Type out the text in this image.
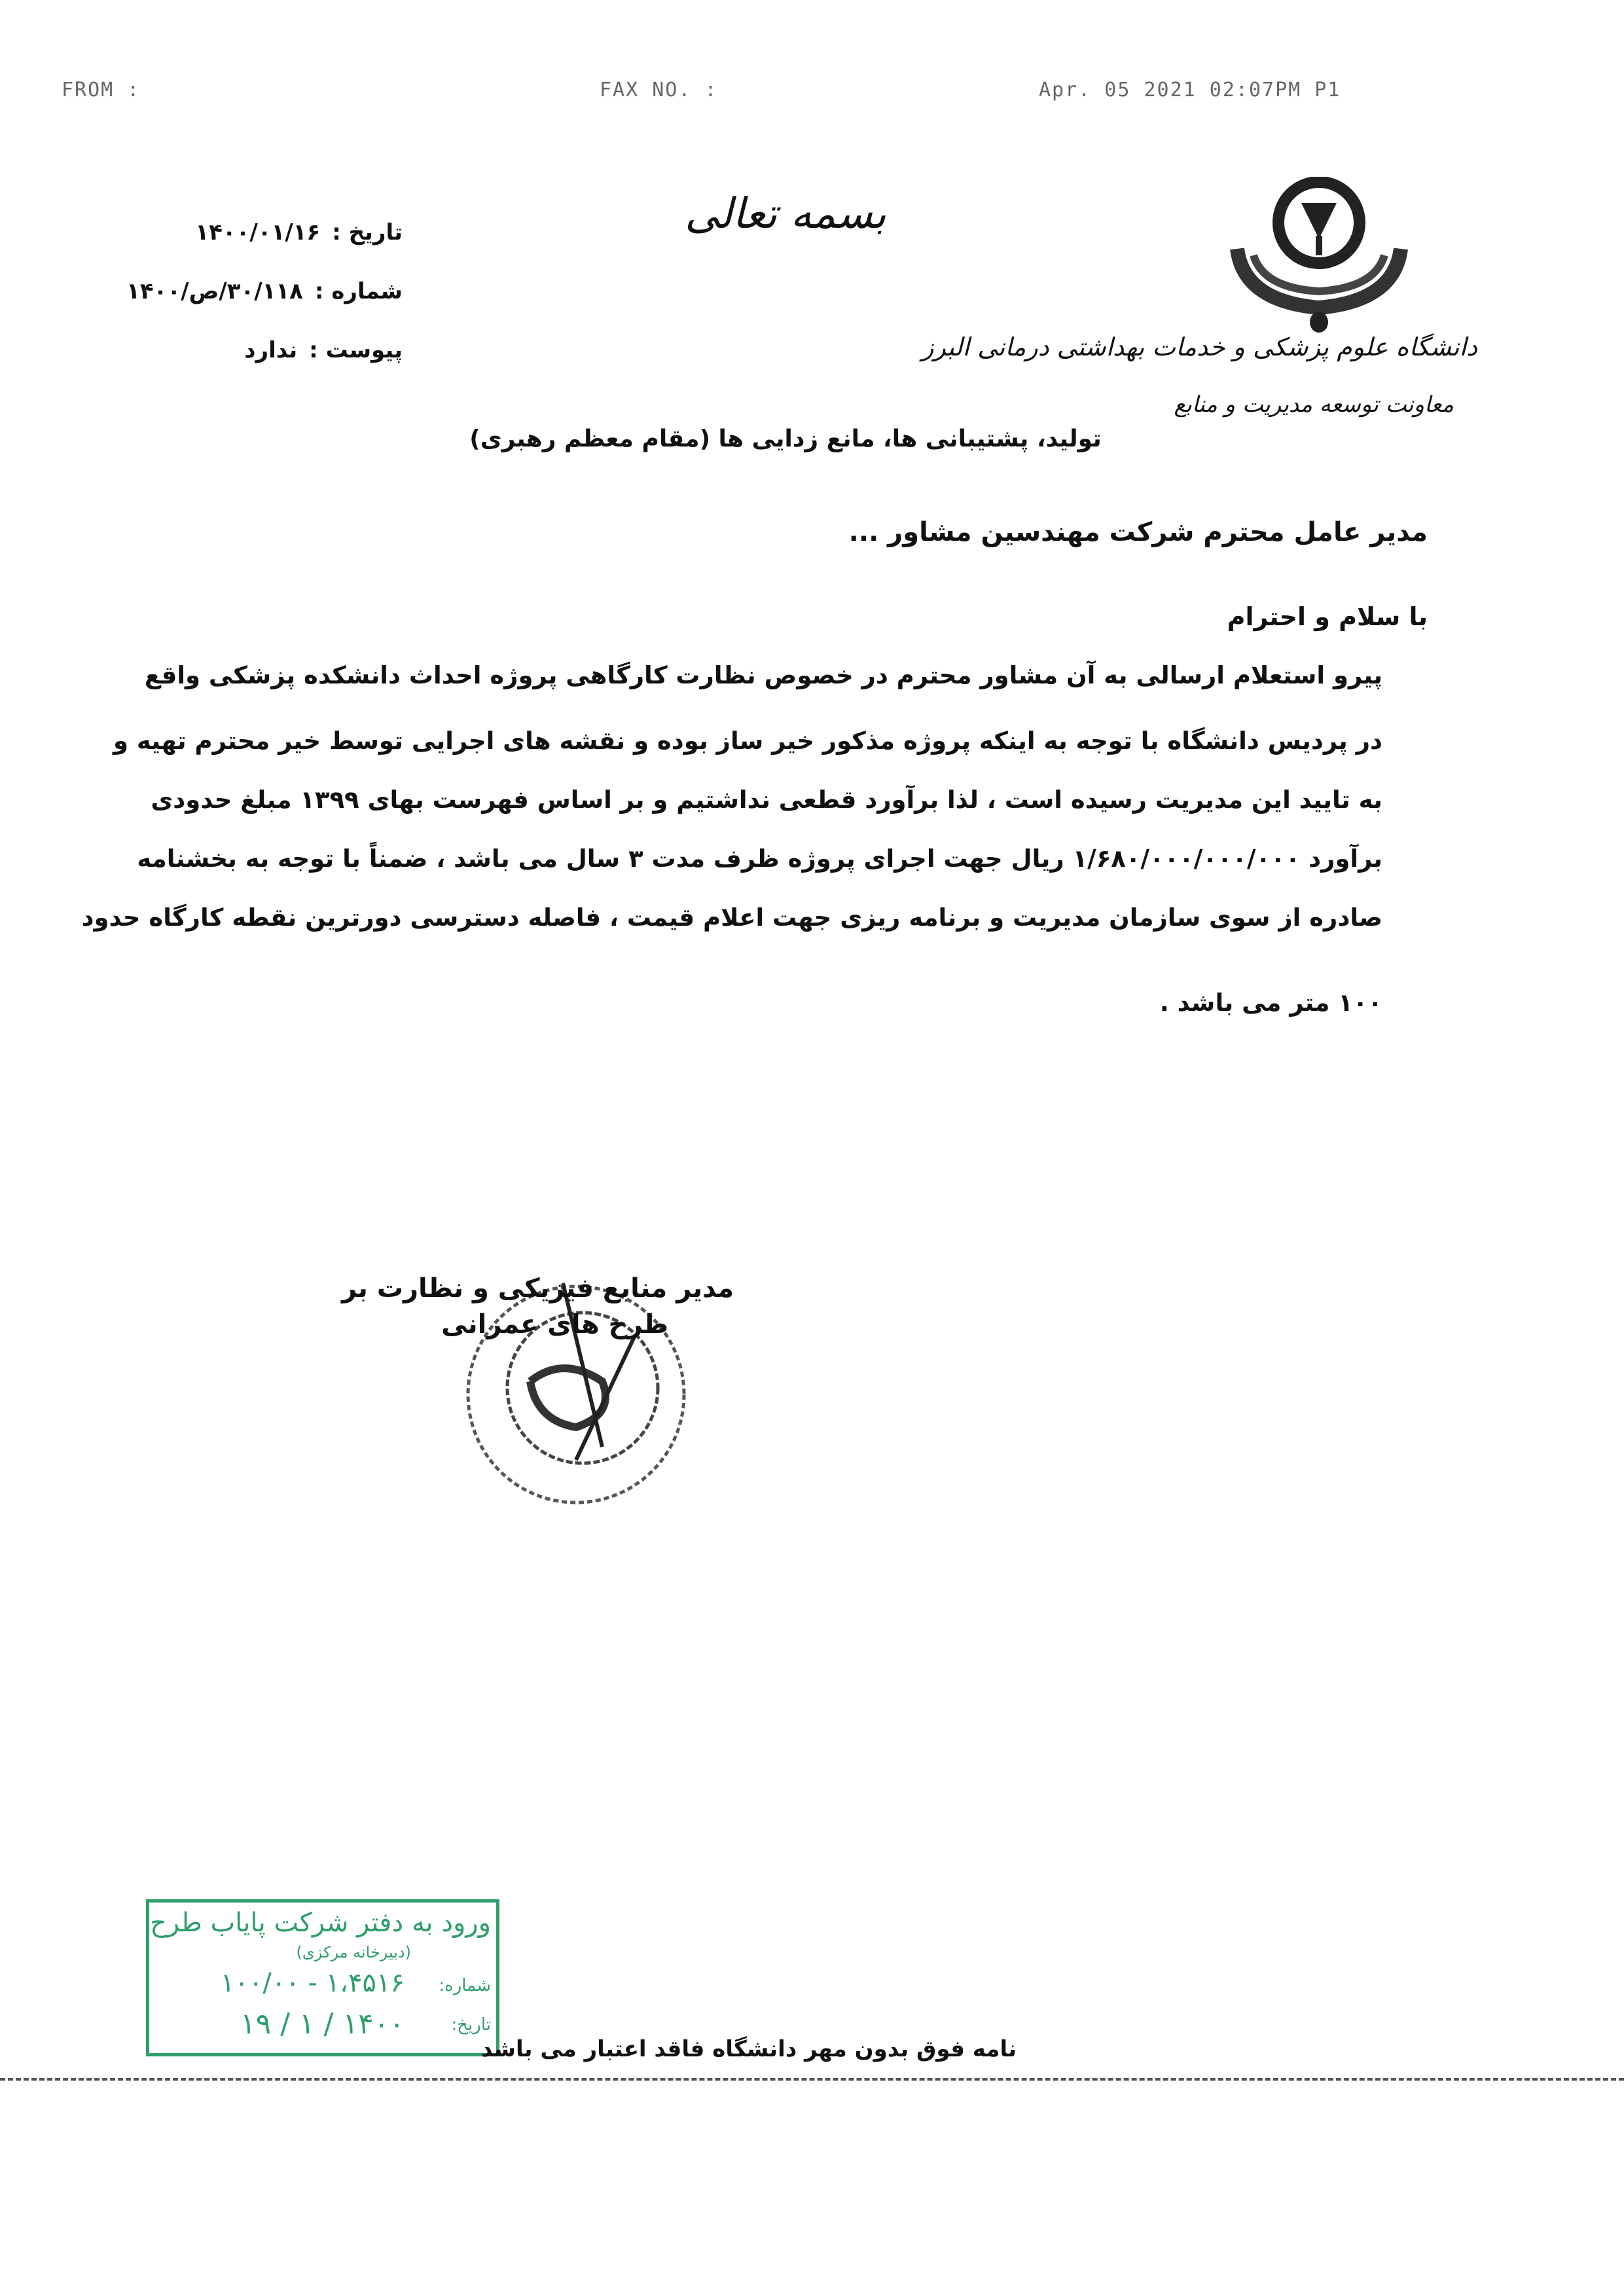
FROM :	FAX NO. :	Apr. 05 2021 02:07PM P1
بسمه تعالی
تاریخ :۱۴۰۰/۰۱/۱۶
شماره :۳۰/۱۱۸/ص/۱۴۰۰
پیوست :ندارد	دانشگاه علوم پزشکی و خدمات بهداشتی درمانی البرز
معاونت توسعه مدیریت و منابع
تولید، پشتیبانی ها، مانع زدایی ها (مقام معظم رهبری)
مدیر عامل محترم شرکت مهندسین مشاور ...
با سلام و احترام
پیرو استعلام ارسالی به آن مشاور محترم در خصوص نظارت کارگاهی پروژه احداث دانشکده پزشکی واقع
در پردیس دانشگاه با توجه به اینکه پروژه مذکور خیر ساز بوده و نقشه های اجرایی توسط خیر محترم تهیه و
به تایید این مدیریت رسیده است ، لذا برآورد قطعی نداشتیم و بر اساس فهرست بهای ۱۳۹۹ مبلغ حدودی
برآورد ۱/۶۸۰/۰۰۰/۰۰۰/۰۰۰ ریال جهت اجرای پروژه ظرف مدت ۳ سال می باشد ، ضمناً با توجه به بخشنامه
صادره از سوی سازمان مدیریت و برنامه ریزی جهت اعلام قیمت ، فاصله دسترسی دورترین نقطه کارگاه حدود
۱۰۰ متر می باشد .
مدیر منابع فیزیکی و نظارت بر
طرح های عمرانی
ورود به دفتر شرکت پایاب طرح
(دبیرخانه مرکزی)
شماره:
۱۰۰/۰۰ - ۱،۴۵۱۶
تاریخ:
۱۴۰۰ / ۱ / ۱۹
نامه فوق بدون مهر دانشگاه فاقد اعتبار می باشد
